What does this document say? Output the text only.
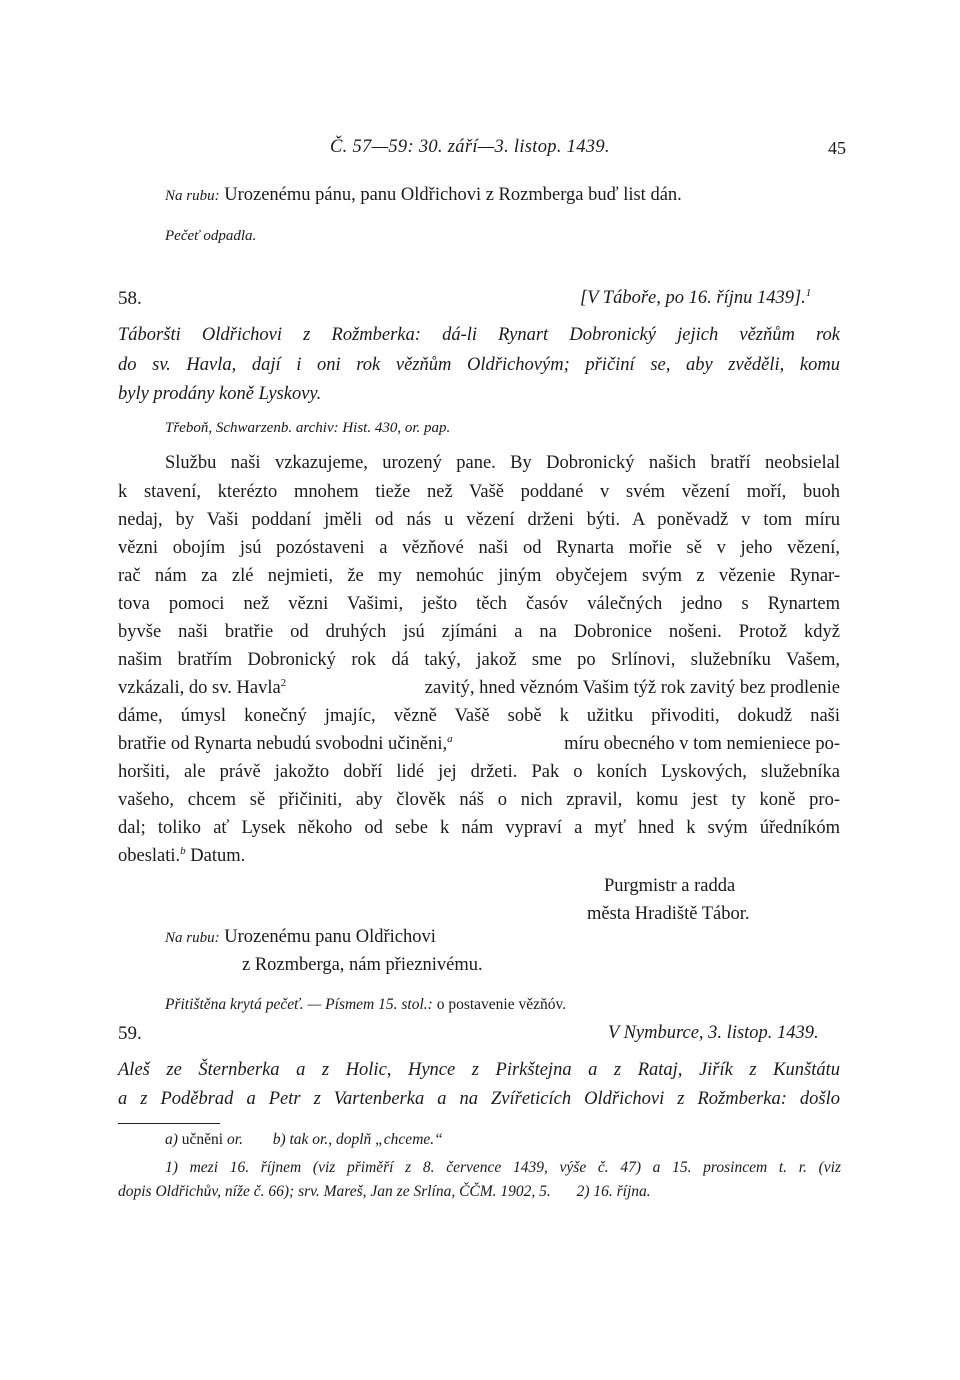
Č. 57—59: 30. září—3. listop. 1439.	45
Na rubu: Urozenému pánu, panu Oldřichovi z Rozmberga buď list dán.
Pečeť odpadla.
58.	[V Táboře, po 16. říjnu 1439].$^1$
Táboršti Oldřichovi z Rožmberka: dá-li Rynart Dobronický jejich vězňům rok
do sv. Havla, dají i oni rok vězňům Oldřichovým; přičiní se, aby zvěděli, komu
byly prodány koně Lyskovy.
Třeboň, Schwarzenb. archiv: Hist. 430, or. pap.
Službu naši vzkazujeme, urozený pane. By Dobronický našich bratří neobsielal
k stavení, kterézto mnohem tieže než Vašě poddané v svém vězení moří, buoh
nedaj, by Vaši poddaní jměli od nás u vězení drženi býti. A poněvadž v tom míru
vězni obojím jsú pozóstaveni a vězňové naši od Rynarta mořie sě v jeho vězení,
rač nám za zlé nejmieti, že my nemohúc jiným obyčejem svým z vězenie Rynar-
tova pomoci než vězni Vašimi, ješto těch časóv válečných jedno s Rynartem
byvše naši bratřie od druhých jsú zjímáni a na Dobronice nošeni. Protož když
našim bratřím Dobronický rok dá taký, jakož sme po Srlínovi, služebníku Vašem,
vzkázali, do sv. Havla$^2$	zavitý, hned věznóm Vašim týž rok zavitý bez prodlenie
dáme, úmysl konečný jmajíc, vězně Vašě sobě k užitku přivoditi, dokudž naši
bratřie od Rynarta nebudú svobodni učiněni,$^a$	míru obecného v tom nemieniece po-
horšiti, ale právě jakožto dobří lidé jej držeti. Pak o koních Lyskových, služebníka
vašeho, chcem sě přičiniti, aby člověk náš o nich zpravil, komu jest ty koně pro-
dal; toliko ať Lysek někoho od sebe k nám vypraví a myť hned k svým úředníkóm
obeslati.$^b$ Datum.
Purgmistr a radda
města Hradiště Tábor.
Na rubu: Urozenému panu Oldřichovi
z Rozmberga, nám přieznivému.
Přitištěna krytá pečeť. — Písmem 15. stol.: o postavenie vězňóv.
59.	V Nymburce, 3. listop. 1439.
Aleš ze Šternberka a z Holic, Hynce z Pirkštejna a z Rataj, Jiřík z Kunštátu
a z Poděbrad a Petr z Vartenberka a na Zvířeticích Oldřichovi z Rožmberka: došlo
a) učněni or. b) tak or., doplň „chceme.“
1) mezi 16. říjnem (viz přiměří z 8. července 1439, výše č. 47) a 15. prosincem t. r. (viz
dopis Oldřichův, níže č. 66); srv. Mareš, Jan ze Srlína, ČČM. 1902, 5. 2) 16. října.
